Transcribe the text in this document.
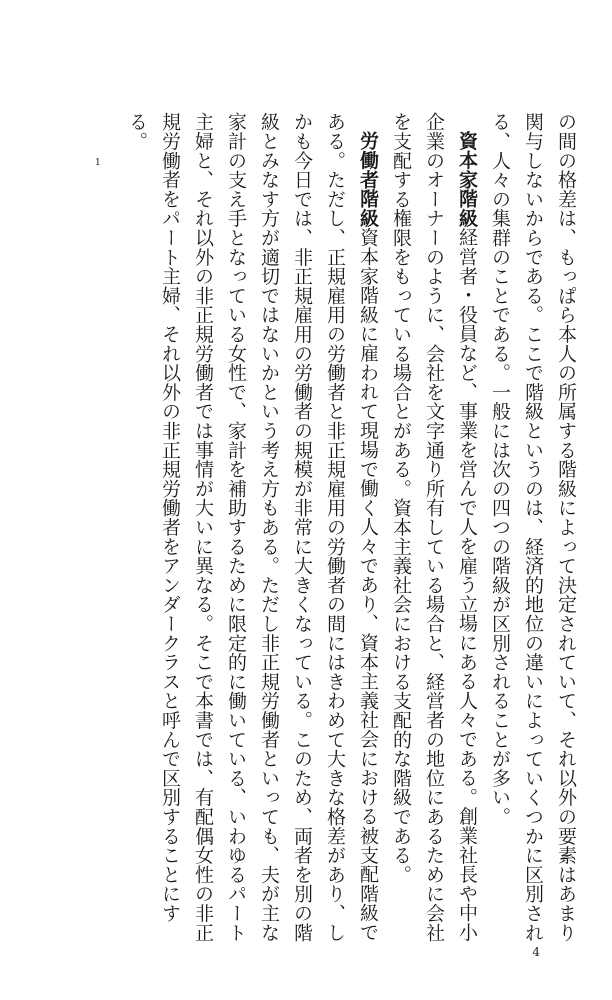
の間の格差は、もっぱら本人の所属する階級によって決定されていて、それ以外の要素はあまり関与しないからである。ここで階級というのは、経済的地位の違いによっていくつかに区別される、人々の集群のことである。一般には次の四つの階級が区別されることが多い。

資本家階級経営者・役員など、事業を営んで人を雇う立場にある人々である。創業社長や中小企業のオーナーのように、会社を文字通り所有している場合と、経営者の地位にあるために会社を支配する権限をもっている場合とがある。資本主義社会における支配的な階級である。

労働者階級資本家階級に雇われて現場で働く人々であり、資本主義社会における被支配階級である。ただし、正規雇用の労働者と非正規雇用の労働者の間にはきわめて大きな格差があり、しかも今日では、非正規雇用の労働者の規模が非常に大きくなっている。このため、両者を別の階級とみなす方が適切ではないかという考え方もある。ただし非正規労働者といっても、夫が主な家計の支え手となっている女性で、家計を補助するために限定的に働いている、いわゆるパート主婦と、それ以外の非正規労働者では事情が大いに異なる。そこで本書では、有配偶女性の非正規労働者をパート主婦、それ以外の非正規労働者をアンダークラスと呼んで区別することにする。

1
4
